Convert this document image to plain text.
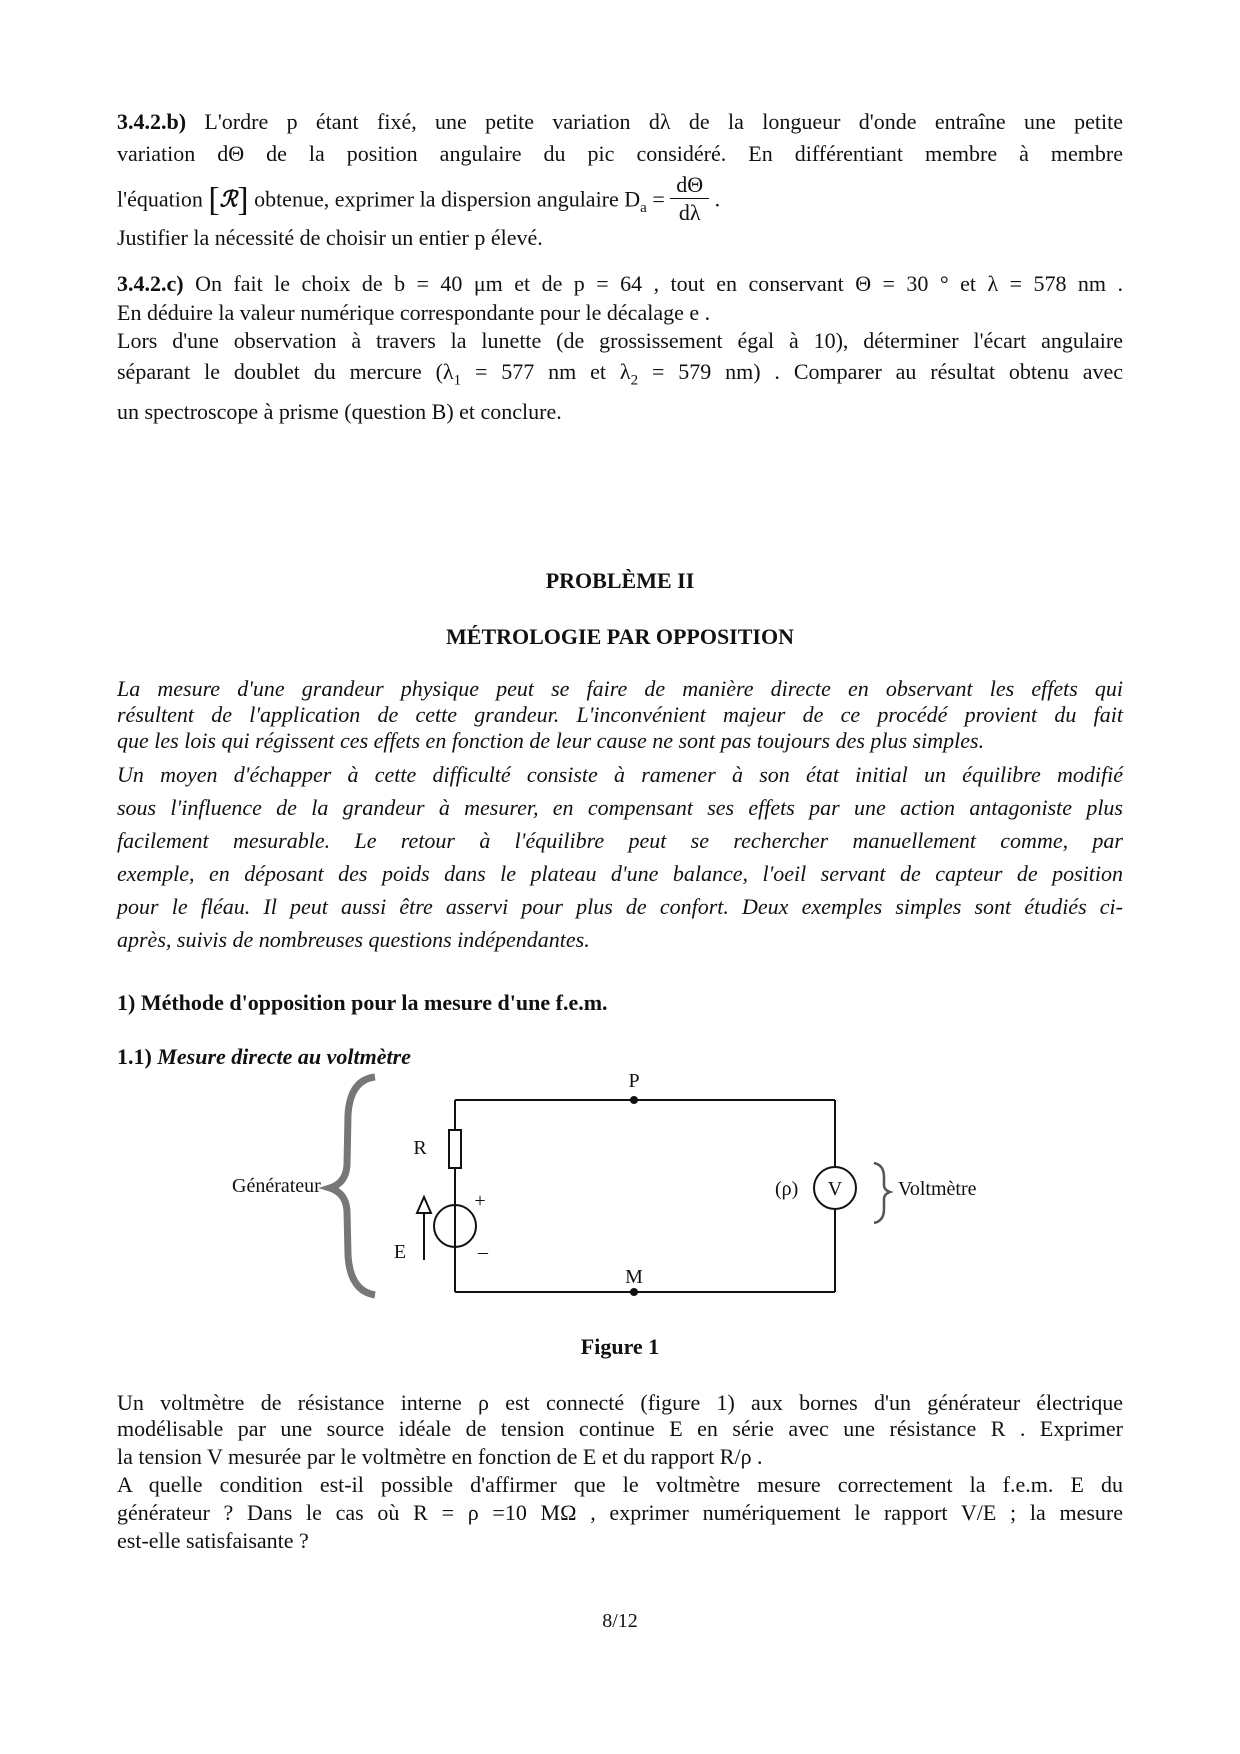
3.4.2.b) L'ordre p étant fixé, une petite variation dλ de la longueur d'onde entraîne une petite
variation dΘ de la position angulaire du pic considéré. En différentiant membre à membre
l'équation [ℛ] obtenue, exprimer la dispersion angulaire $D_a = \frac{d\Theta}{d\lambda}$ .
Justifier la nécessité de choisir un entier p élevé.
3.4.2.c) On fait le choix de b = 40 μm et de p = 64 , tout en conservant Θ = 30 ° et λ = 578 nm .
En déduire la valeur numérique correspondante pour le décalage e .
Lors d'une observation à travers la lunette (de grossissement égal à 10), déterminer l'écart angulaire
séparant le doublet du mercure ($\lambda_1 = 577$ nm et $\lambda_2 = 579$ nm) . Comparer au résultat obtenu avec
un spectroscope à prisme (question B) et conclure.
PROBLÈME II
MÉTROLOGIE PAR OPPOSITION
La mesure d'une grandeur physique peut se faire de manière directe en observant les effets qui
résultent de l'application de cette grandeur. L'inconvénient majeur de ce procédé provient du fait
que les lois qui régissent ces effets en fonction de leur cause ne sont pas toujours des plus simples.
Un moyen d'échapper à cette difficulté consiste à ramener à son état initial un équilibre modifié
sous l'influence de la grandeur à mesurer, en compensant ses effets par une action antagoniste plus
facilement mesurable. Le retour à l'équilibre peut se rechercher manuellement comme, par
exemple, en déposant des poids dans le plateau d'une balance, l'oeil servant de capteur de position
pour le fléau. Il peut aussi être asservi pour plus de confort. Deux exemples simples sont étudiés ci-
après, suivis de nombreuses questions indépendantes.
1) Méthode d'opposition pour la mesure d'une f.e.m.
1.1) Mesure directe au voltmètre
P
M
R
E
+
–
Générateur	(ρ) V	Voltmètre
Figure 1
Un voltmètre de résistance interne ρ est connecté (figure 1) aux bornes d'un générateur électrique
modélisable par une source idéale de tension continue E en série avec une résistance R . Exprimer
la tension V mesurée par le voltmètre en fonction de E et du rapport R/ρ .
A quelle condition est-il possible d'affirmer que le voltmètre mesure correctement la f.e.m. E du
générateur ? Dans le cas où R = ρ =10 MΩ , exprimer numériquement le rapport V/E ; la mesure
est-elle satisfaisante ?
8/12
